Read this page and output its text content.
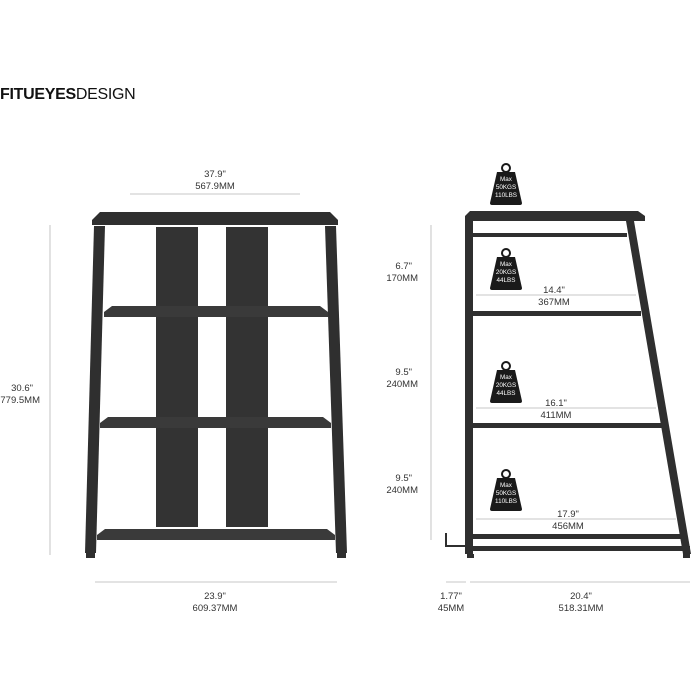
FITUEYESDESIGN
37.9"
567.9MM
30.6"
779.5MM
23.9"
609.37MM
6.7"
170MM
9.5"
240MM
9.5"
240MM
14.4"
367MM
16.1"
411MM
17.9"
456MM
Max
50KGS
110LBS
Max
20KGS
44LBS
Max
20KGS
44LBS
Max
50KGS
110LBS
1.77"
45MM
20.4"
518.31MM
